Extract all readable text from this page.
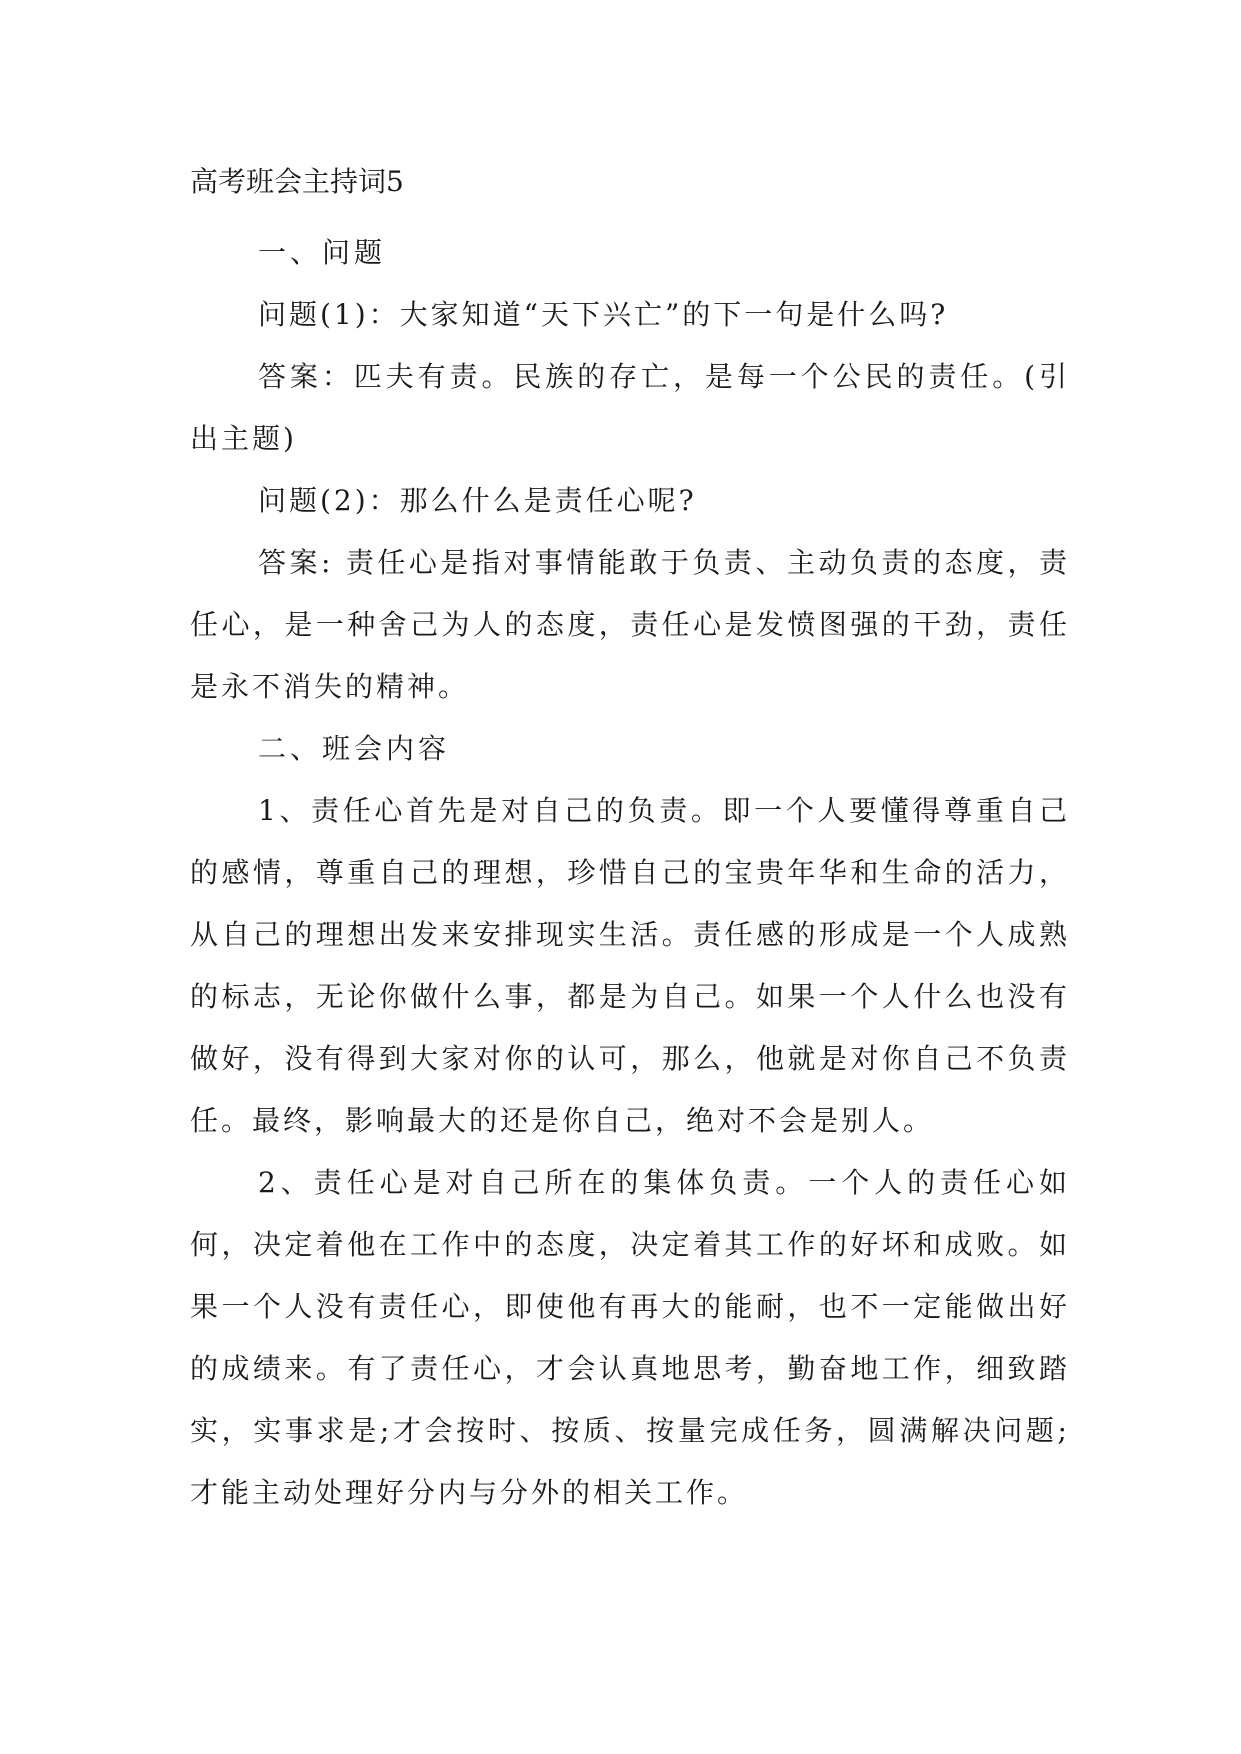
高考班会主持词5

一、问题

问题(1)：大家知道“天下兴亡”的下一句是什么吗?

答案：匹夫有责。民族的存亡，是每一个公民的责任。(引出主题)

问题(2)：那么什么是责任心呢?

答案: 责任心是指对事情能敢于负责、主动负责的态度，责任心，是一种舍己为人的态度，责任心是发愤图强的干劲，责任是永不消失的精神。

二、班会内容

1、责任心首先是对自己的负责。即一个人要懂得尊重自己的感情，尊重自己的理想，珍惜自己的宝贵年华和生命的活力，从自己的理想出发来安排现实生活。责任感的形成是一个人成熟的标志，无论你做什么事，都是为自己。如果一个人什么也没有做好，没有得到大家对你的认可，那么，他就是对你自己不负责任。最终，影响最大的还是你自己，绝对不会是别人。

2、责任心是对自己所在的集体负责。一个人的责任心如何，决定着他在工作中的态度，决定着其工作的好坏和成败。如果一个人没有责任心，即使他有再大的能耐，也不一定能做出好的成绩来。有了责任心，才会认真地思考，勤奋地工作，细致踏实，实事求是;才会按时、按质、按量完成任务，圆满解决问题;才能主动处理好分内与分外的相关工作。
